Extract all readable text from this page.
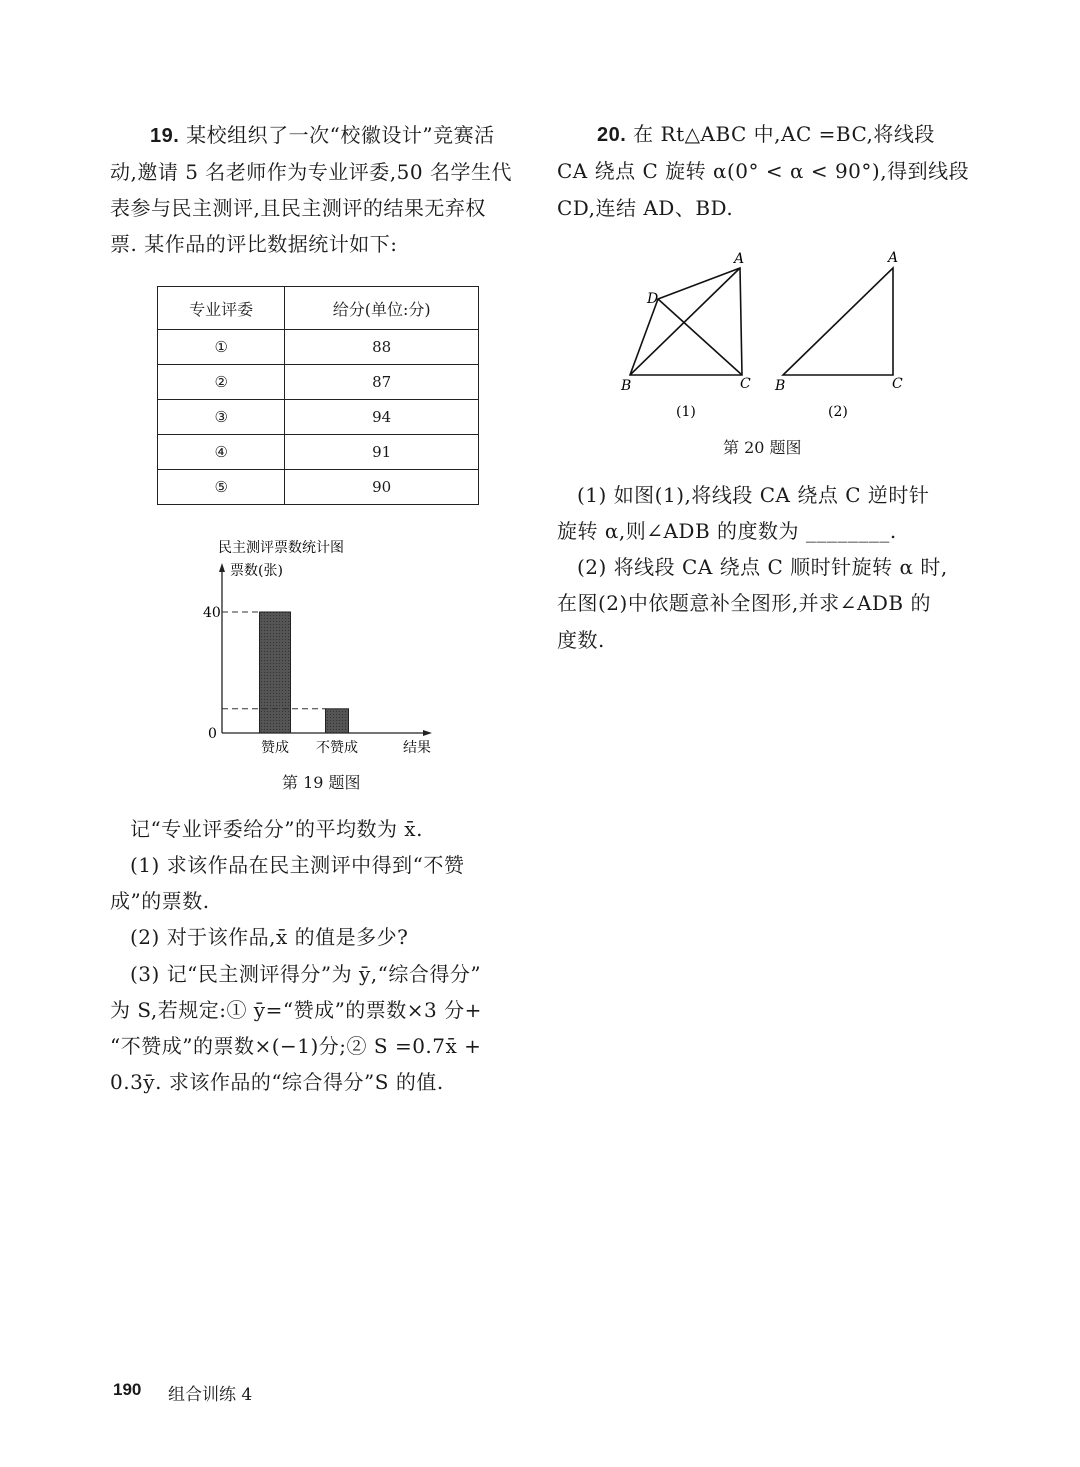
19. 某校组织了一次“校徽设计”竞赛活
动,邀请 5 名老师作为专业评委,50 名学生代
表参与民主测评,且民主测评的结果无弃权
票. 某作品的评比数据统计如下:
专业评委	给分(单位:分)
①	88
②	87
③	94
④	91
⑤	90
民主测评票数统计图
票数(张)
结果
40
0
赞成 不赞成
第 19 题图
记“专业评委给分”的平均数为 x̄.
(1) 求该作品在民主测评中得到“不赞
成”的票数.
(2) 对于该作品,x̄ 的值是多少?
(3) 记“民主测评得分”为 ȳ,“综合得分”
为 S,若规定:① ȳ=“赞成”的票数×3 分+
“不赞成”的票数×(−1)分;② S =0.7x̄ +
0.3ȳ. 求该作品的“综合得分”S 的值.
20. 在 Rt△ABC 中,AC =BC,将线段
CA 绕点 C 旋转 α(0° < α < 90°),得到线段
CD,连结 AD、BD.
A
D
B	C
(1)
A
B	C
(2)
第 20 题图
(1) 如图(1),将线段 CA 绕点 C 逆时针
旋转 α,则∠ADB 的度数为 ________.
(2) 将线段 CA 绕点 C 顺时针旋转 α 时,
在图(2)中依题意补全图形,并求∠ADB 的
度数.
190 组合训练 4
